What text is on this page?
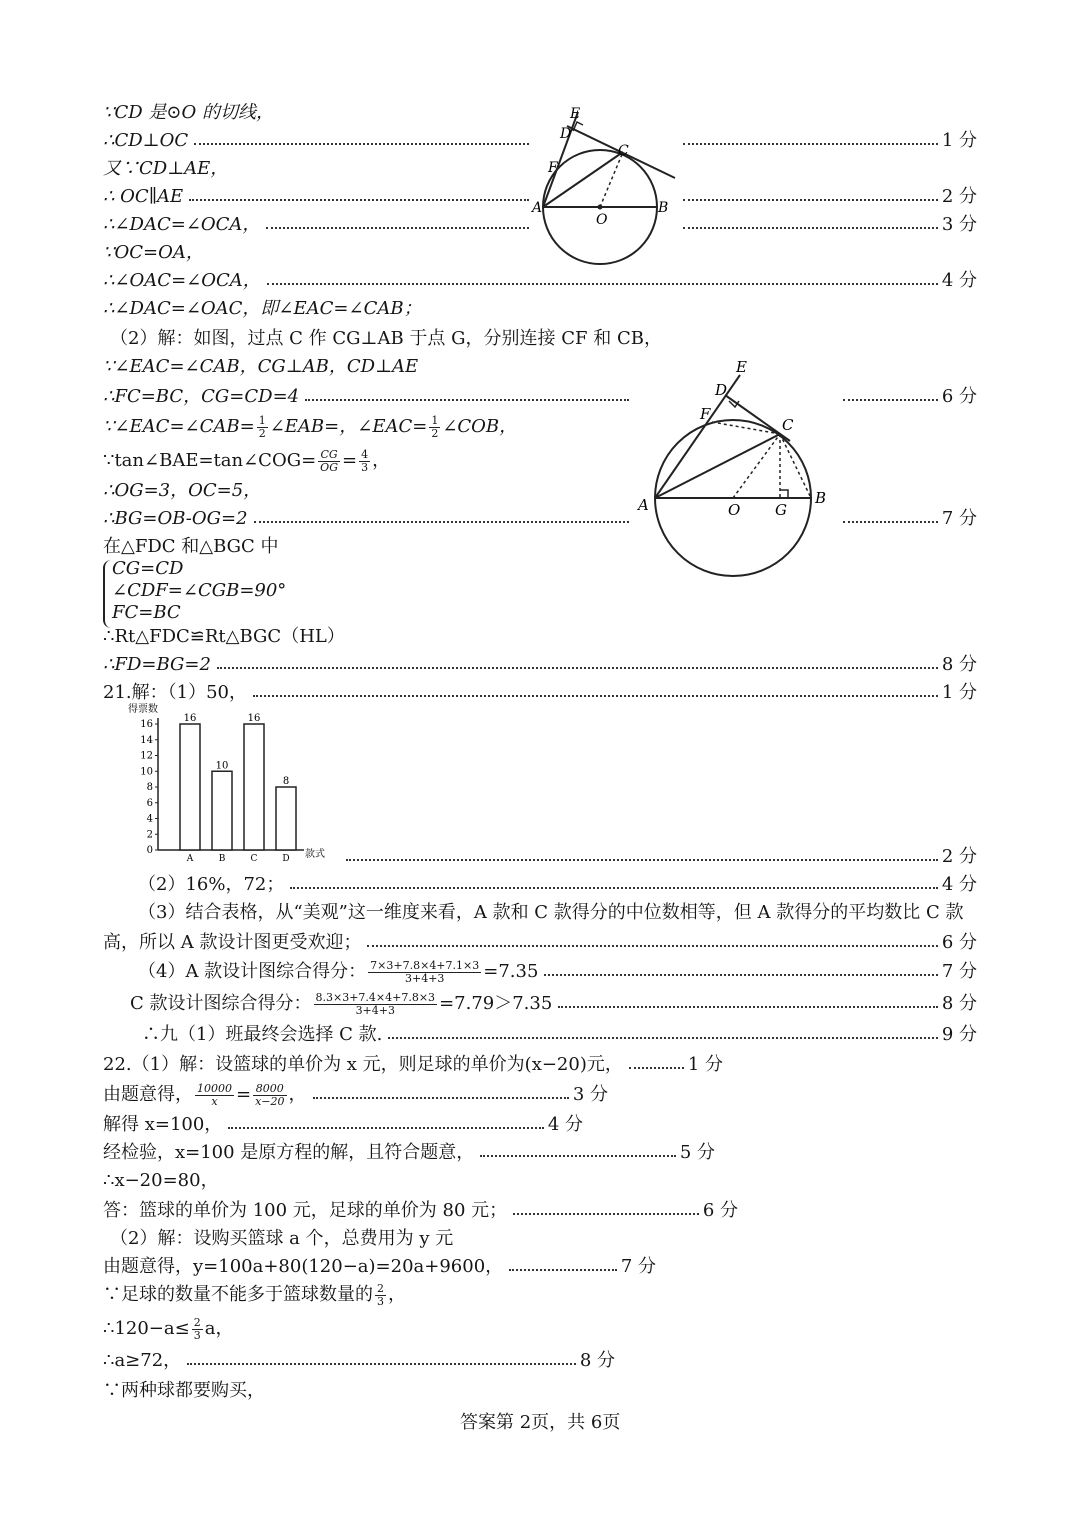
∵CD 是⊙O 的切线，
∴CD⊥OC	1 分
又∵CD⊥AE，
∴ OC∥AE	2 分
∴∠DAC=∠OCA，	3 分
∵OC=OA，
∴∠OAC=∠OCA，	4 分
∴∠DAC=∠OAC，即∠EAC=∠CAB；
E
D
C
F
A
O
B
（2）解：如图，过点 C 作 CG⊥AB 于点 G，分别连接 CF 和 CB，
∵∠EAC=∠CAB，CG⊥AB，CD⊥AE
∴FC=BC，CG=CD=4	6 分
∵∠EAC=∠CAB= $\frac{1}{2}$ ∠EAB=，∠EAC= $\frac{1}{2}$ ∠COB，
∵tan∠BAE=tan∠COG= $\frac{CG}{OG} = \frac{4}{3}$ ，
∴OG=3，OC=5，
∴BG=OB-OG=2	7 分
在△FDC 和△BGC 中
CG=CD
∠CDF=∠CGB=90°
FC=BC
∴Rt△FDC≌Rt△BGC（HL）
∴FD=BG=2	8 分
E
D
F
C
A	O G
B
21.解：（1）50，	1 分
得票数
款式
0
2
4
6
8
10
12
14
16
16
A
10
B
16
C
8
D	2 分
（2）16%，72；	4 分
（3）结合表格，从“美观”这一维度来看，A 款和 C 款得分的中位数相等，但 A 款得分的平均数比 C 款
高，所以 A 款设计图更受欢迎；	6 分
（4）A 款设计图综合得分： $\frac{7\times 3+7.8\times 4+7.1\times 3}{3+4+3} =7.35$	7 分
C 款设计图综合得分： $\frac{8.3\times 3+7.4\times 4+7.8\times 3}{3+4+3} =7.79>7.35$	8 分
∴九（1）班最终会选择 C 款.	9 分
22.（1）解：设篮球的单价为 x 元，则足球的单价为(x−20)元，	1 分
由题意得， $\frac{10000}{x} = \frac{8000}{x-20}$ ，	3 分
解得 x=100，	4 分
经检验，x=100 是原方程的解，且符合题意，	5 分
∴x−20=80，
答：篮球的单价为 100 元，足球的单价为 80 元；	6 分
（2）解：设购买篮球 a 个，总费用为 y 元
由题意得，y=100a+80(120−a)=20a+9600，	7 分
∵足球的数量不能多于篮球数量的 $\frac{2}{3}$ ，
∴120−a≤ $\frac{2}{3}$ a，
∴a≥72，	8 分
∵两种球都要购买，
答案第 2页，共 6页
